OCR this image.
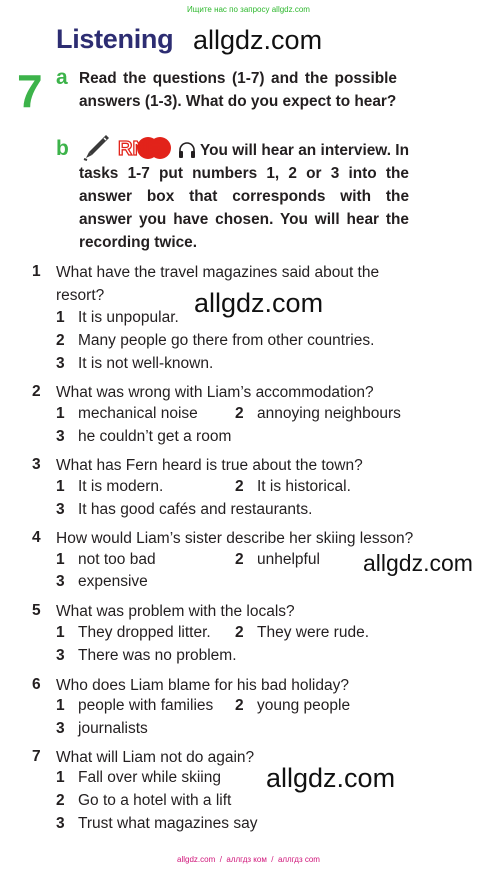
Ищите нас по запросу allgdz.com
Listening allgdz.com
7 a Read the questions (1-7) and the possible answers (1-3). What do you expect to hear?
b RNE	You will hear an interview. In tasks 1-7 put numbers 1, 2 or 3 into the answer box that corresponds with the answer you have chosen. You will hear the recording twice.
1 What have the travel magazines said about the
resort?	allgdz.com
1 It is unpopular.
2 Many people go there from other countries.
3 It is not well-known.
2 What was wrong with Liam’s accommodation?
1 mechanical noise 2 annoying neighbours
3 he couldn’t get a room
3 What has Fern heard is true about the town?
1 It is modern.	2 It is historical.
3 It has good cafés and restaurants.
4 How would Liam’s sister describe her skiing lesson?
1 not too bad	2 unhelpful allgdz.com
3 expensive
5 What was problem with the locals?
1 They dropped litter. 2 They were rude.
3 There was no problem.
6 Who does Liam blame for his bad holiday?
1 people with families 2 young people
3 journalists
7 What will Liam not do again?
1 Fall over while skiing allgdz.com
2 Go to a hotel with a lift
3 Trust what magazines say
allgdz.com  /  аллгдз ком  /  аллгдз com
